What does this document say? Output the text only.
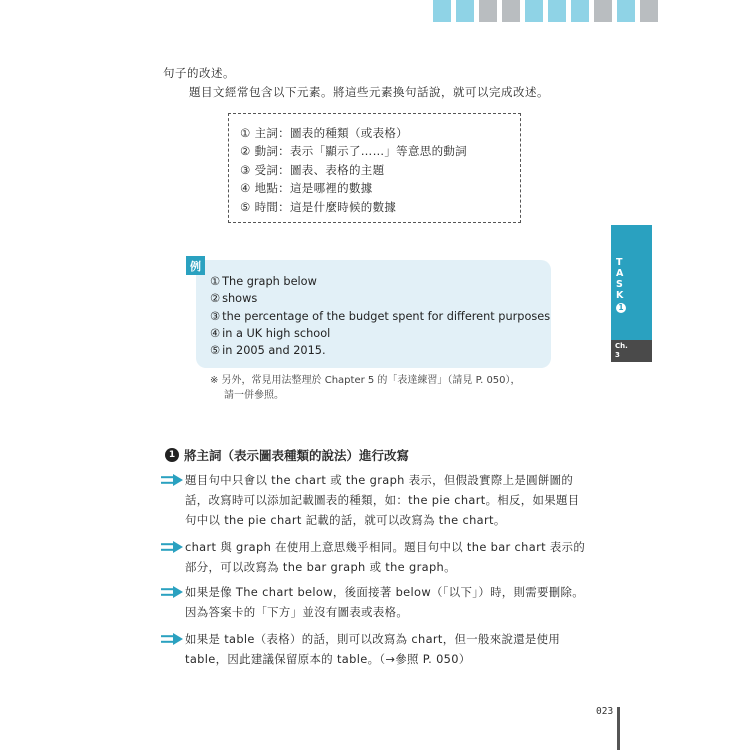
句子的改述。
題目文經常包含以下元素。將這些元素換句話說，就可以完成改述。
① 主詞：圖表的種類（或表格）
② 動詞：表示「顯示了……」等意思的動詞
③ 受詞：圖表、表格的主題
④ 地點：這是哪裡的數據
⑤ 時間：這是什麼時候的數據
例
① The graph below
② shows
③ the percentage of the budget spent for different purposes
④ in a UK high school
⑤ in 2005 and 2015.
※ 另外，常見用法整理於 Chapter 5 的「表達練習」（請見 P. 050），
請一併參照。
T
A
S
K
1
Ch.
3
1 將主詞（表示圖表種類的說法）進行改寫
題目句中只會以 the chart 或 the graph 表示，但假設實際上是圓餅圖的話，改寫時可以添加記載圖表的種類，如：the pie chart。相反，如果題目句中以 the pie chart 記載的話，就可以改寫為 the chart。
chart 與 graph 在使用上意思幾乎相同。題目句中以 the bar chart 表示的部分，可以改寫為 the bar graph 或 the graph。
如果是像 The chart below，後面接著 below（「以下」）時，則需要刪除。因為答案卡的「下方」並沒有圖表或表格。
如果是 table（表格）的話，則可以改寫為 chart，但一般來說還是使用 table，因此建議保留原本的 table。（→參照 P. 050）
023
